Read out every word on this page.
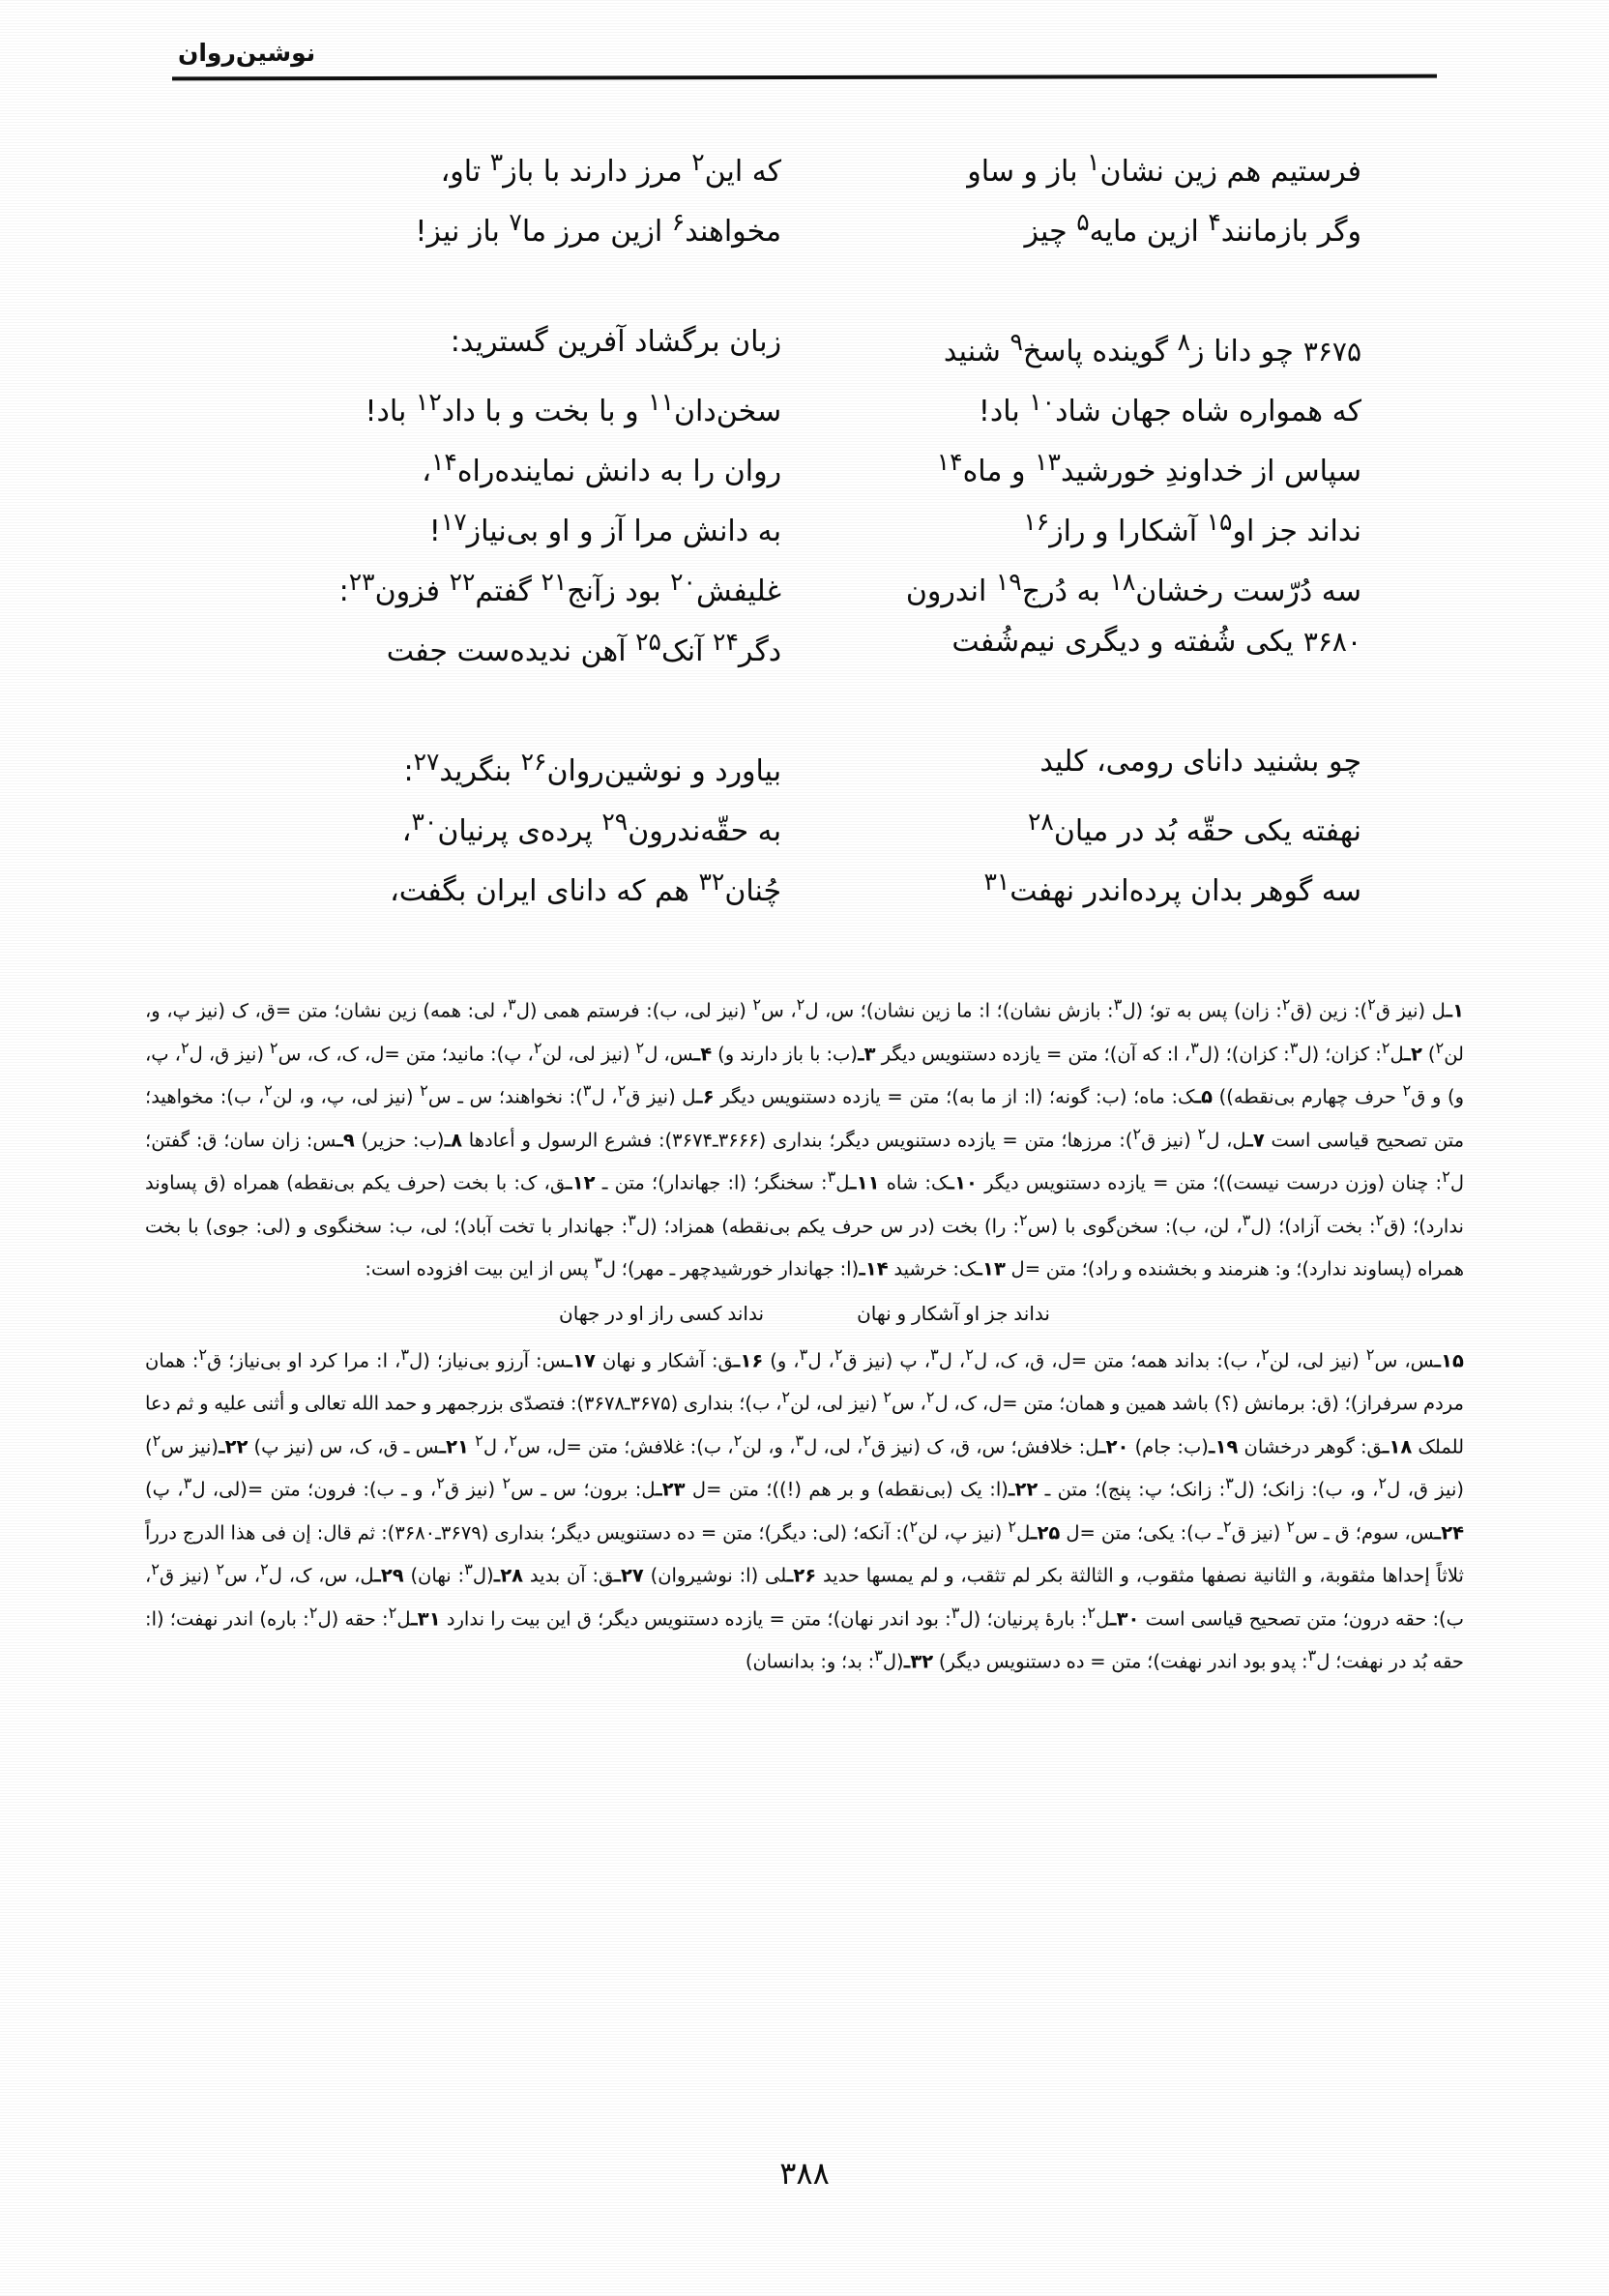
نوشین‌روان
فرستیم هم زین نشان$^۱$ باز و ساو
که این$^۲$ مرز دارند با باز$^۳$ تاو،
وگر بازمانند$^۴$ ازین مایه$^۵$ چیز
مخواهند$^۶$ ازین مرز ما$^۷$ باز نیز!
۳۶۷۵چو دانا ز$^۸$ گوینده پاسخ$^۹$ شنید
زبان برگشاد آفرین گسترید:
که همواره شاه جهان شاد$^{۱۰}$ باد!
سخن‌دان$^{۱۱}$ و با بخت و با داد$^{۱۲}$ باد!
سپاس از خداوندِ خورشید$^{۱۳}$ و ماه$^{۱۴}$
روان را به دانش نماینده‌راه$^{۱۴}$،
نداند جز او$^{۱۵}$ آشکارا و راز$^{۱۶}$
به دانش مرا آز و او بی‌نیاز$^{۱۷}$!
سه دُرّست رخشان$^{۱۸}$ به دُرج$^{۱۹}$ اندرون
غلیفش$^{۲۰}$ بود زآنج$^{۲۱}$ گفتم$^{۲۲}$ فزون$^{۲۳}$:
۳۶۸۰یکی شُفته و دیگری نیم‌شُفت
دگر$^{۲۴}$ آنک$^{۲۵}$ آهن ندیده‌ست جفت
چو بشنید دانای رومی، کلید
بیاورد و نوشین‌روان$^{۲۶}$ بنگرید$^{۲۷}$:
نهفته یکی حقّه بُد در میان$^{۲۸}$
به حقّه‌ندرون$^{۲۹}$ پرده‌ی پرنیان$^{۳۰}$،
سه گوهر بدان پرده‌اندر نهفت$^{۳۱}$
چُنان$^{۳۲}$ هم که دانای ایران بگفت،

۱ـل (نیز ق$^۲$): زین (ق$^۲$: زان) پس به تو؛ (ل$^۳$: بازش نشان)؛ ا: ما زین نشان)؛ س، ل$^۲$، س$^۲$ (نیز لی، ب): فرستم همی (ل$^۳$، لی: همه) زین نشان؛ متن =ق، ک (نیز پ، و، لن$^۲$) ۲ـل$^۲$: کزان؛ (ل$^۳$: کزان)؛ (ل$^۳$، ا: که آن)؛ متن = یازده دستنویس دیگر ۳ـ(ب: با باز دارند و) ۴ـس، ل$^۲$ (نیز لی، لن$^۲$، پ): مانید؛ متن =ل، ک، ک، س$^۲$ (نیز ق، ل$^۲$، پ، و) و ق$^۲$ حرف چهارم بی‌نقطه)) ۵ـک: ماه؛ (ب: گونه؛ (ا: از ما به)؛ متن = یازده دستنویس دیگر ۶ـل (نیز ق$^۲$، ل$^۳$): نخواهند؛ س ـ س$^۲$ (نیز لی، پ، و، لن$^۲$، ب): مخواهید؛ متن تصحیح قیاسی است ۷ـل، ل$^۲$ (نیز ق$^۲$): مرزها؛ متن = یازده دستنویس دیگر؛ بنداری (۳۶۶۶ـ۳۶۷۴): فشرع الرسول و أعادها ۸ـ(ب: حزیر) ۹ـس: زان سان؛ ق: گفتن؛ ل$^۲$: چنان (وزن درست نیست))؛ متن = یازده دستنویس دیگر ۱۰ـک: شاه ۱۱ـل$^۳$: سخنگر؛ (ا: جهاندار)؛ متن ـ ۱۲ـق، ک: با بخت (حرف یکم بی‌نقطه) همراه (ق پساوند ندارد)؛ (ق$^۲$: بخت آزاد)؛ (ل$^۳$، لن، ب): سخن‌گوی با (س$^۲$: را) بخت (در س حرف یکم بی‌نقطه) همزاد؛ (ل$^۳$: جهاندار با تخت آباد)؛ لی، ب: سخنگوی و (لی: جوی) با بخت همراه (پساوند ندارد)؛ و: هنرمند و بخشنده و راد)؛ متن =ل ۱۳ـک: خرشید ۱۴ـ(ا: جهاندار خورشیدچهر ـ مهر)؛ ل$^۳$ پس از این بیت افزوده است:

نداند جز او آشکار و نهان
نداند کسی راز او در جهان

۱۵ـس، س$^۲$ (نیز لی، لن$^۲$، ب): بداند همه؛ متن =ل، ق، ک، ل$^۲$، ل$^۳$، پ (نیز ق$^۲$، ل$^۳$، و) ۱۶ـق: آشکار و نهان ۱۷ـس: آرزو بی‌نیاز؛ (ل$^۳$، ا: مرا کرد او بی‌نیاز؛ ق$^۲$: همان مردم سرفراز)؛ (ق: برمانش (؟) باشد همین و همان؛ متن =ل، ک، ل$^۲$، س$^۲$ (نیز لی، لن$^۲$، ب)؛ بنداری (۳۶۷۵ـ۳۶۷۸): فتصدّی بزرجمهر و حمد الله تعالی و أثنی علیه و ثم دعا للملک ۱۸ـق: گوهر درخشان ۱۹ـ(ب: جام) ۲۰ـل: خلافش؛ س، ق، ک (نیز ق$^۲$، لی، ل$^۳$، و، لن$^۲$، ب): غلافش؛ متن =ل، س$^۲$، ل$^۲$ ۲۱ـس ـ ق، ک، س (نیز پ) ۲۲ـ(نیز س$^۲$) (نیز ق، ل$^۲$، و، ب): زانک؛ (ل$^۳$: زانک؛ پ: پنج)؛ متن ـ ۲۲ـ(ا: یک (بی‌نقطه) و بر هم (!))؛ متن =ل ۲۳ـل: برون؛ س ـ س$^۲$ (نیز ق$^۲$، و ـ ب): فرون؛ متن =(لی، ل$^۳$، پ) ۲۴ـس، سوم؛ ق ـ س$^۲$ (نیز ق$^۲$ـ ب): یکی؛ متن =ل ۲۵ـل$^۲$ (نیز پ، لن$^۲$): آنکه؛ (لی: دیگر)؛ متن = ده دستنویس دیگر؛ بنداری (۳۶۷۹ـ۳۶۸۰): ثم قال: إن فی هذا الدرج درراً ثلاثاً إحداها مثقوبة، و الثانیة نصفها مثقوب، و الثالثة بکر لم تثقب، و لم یمسها حدید ۲۶ـلی (ا: نوشیروان) ۲۷ـق: آن بدید ۲۸ـ(ل$^۳$: نهان) ۲۹ـل، س، ک، ل$^۲$، س$^۲$ (نیز ق$^۲$، ب): حقه درون؛ متن تصحیح قیاسی است ۳۰ـل$^۲$: بارهٔ پرنیان؛ (ل$^۳$: بود اندر نهان)؛ متن = یازده دستنویس دیگر؛ ق این بیت را ندارد ۳۱ـل$^۲$: حقه (ل$^۲$: باره) اندر نهفت؛ (ا: حقه بُد در نهفت؛ ل$^۳$: پدو بود اندر نهفت)؛ متن = ده دستنویس دیگر) ۳۲ـ(ل$^۳$: بد؛ و: بدانسان)

۳۸۸
